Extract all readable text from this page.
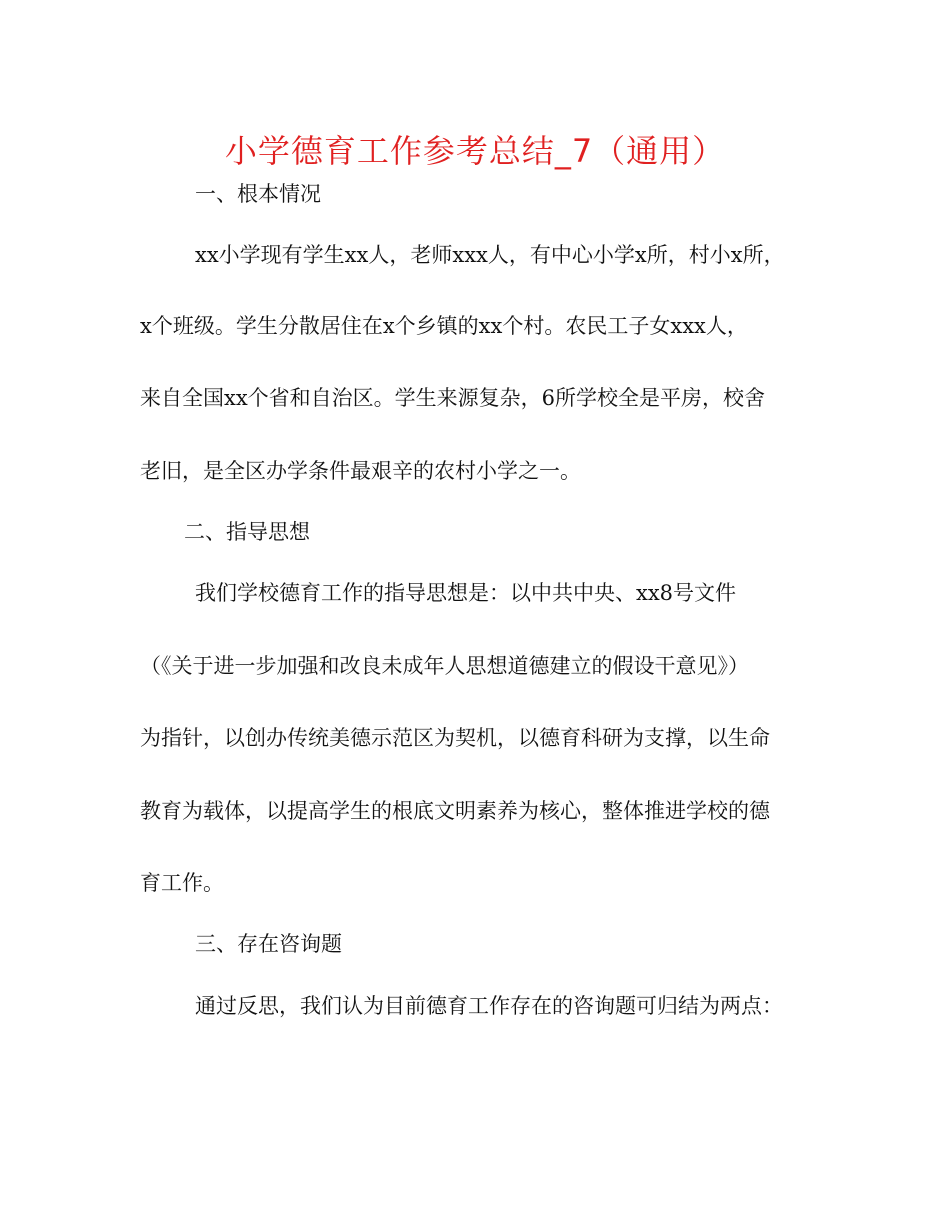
小学德育工作参考总结_7（通用）
一、根本情况
xx小学现有学生xx人，老师xxx人，有中心小学x所，村小x所，
x个班级。学生分散居住在x个乡镇的xx个村。农民工子女xxx人，
来自全国xx个省和自治区。学生来源复杂，6所学校全是平房，校舍
老旧，是全区办学条件最艰辛的农村小学之一。
二、指导思想
我们学校德育工作的指导思想是：以中共中央、xx8号文件
（《关于进一步加强和改良未成年人思想道德建立的假设干意见》）
为指针，以创办传统美德示范区为契机，以德育科研为支撑，以生命
教育为载体，以提高学生的根底文明素养为核心，整体推进学校的德
育工作。
三、存在咨询题
通过反思，我们认为目前德育工作存在的咨询题可归结为两点：
